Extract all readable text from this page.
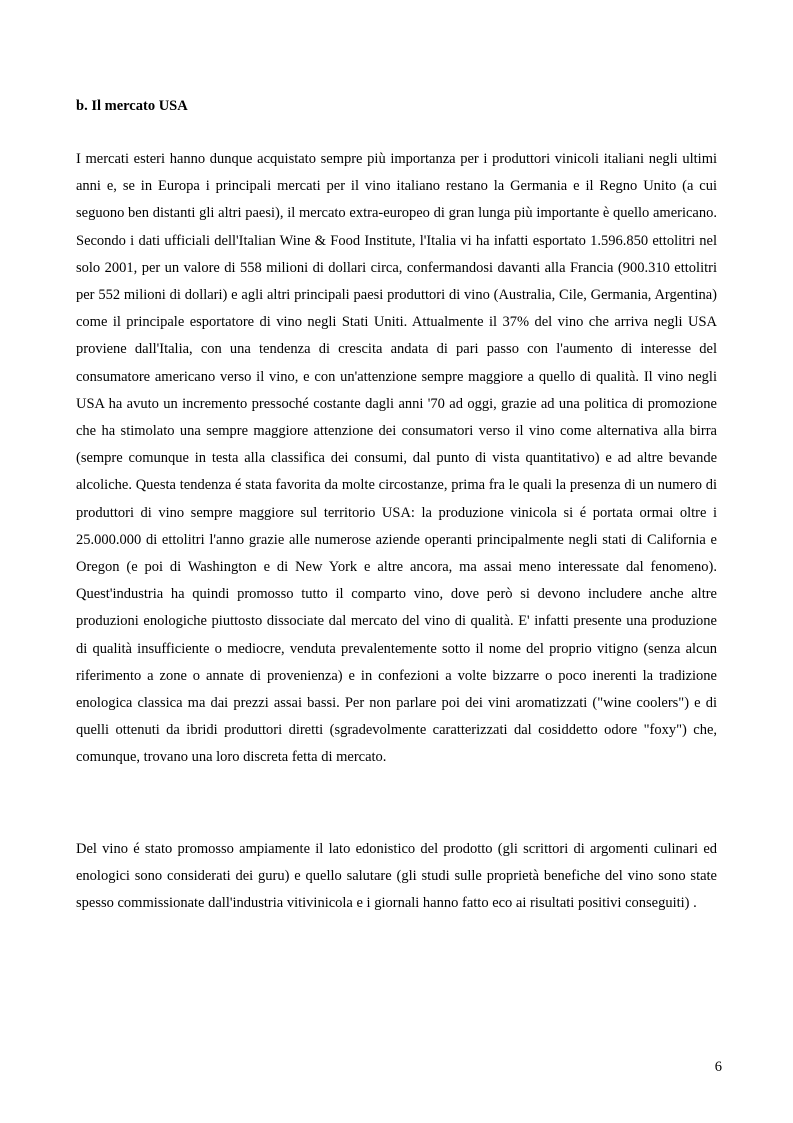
b. Il mercato USA

I mercati esteri hanno dunque acquistato sempre più importanza per i produttori vinicoli italiani negli ultimi anni e, se in Europa i principali mercati per il vino italiano restano la Germania e il Regno Unito (a cui seguono ben distanti gli altri paesi), il mercato extra-europeo di gran lunga più importante è quello americano. Secondo i dati ufficiali dell'Italian Wine & Food Institute, l'Italia vi ha infatti esportato 1.596.850 ettolitri nel solo 2001, per un valore di 558 milioni di dollari circa, confermandosi davanti alla Francia (900.310 ettolitri per 552 milioni di dollari) e agli altri principali paesi produttori di vino (Australia, Cile, Germania, Argentina) come il principale esportatore di vino negli Stati Uniti. Attualmente il 37% del vino che arriva negli USA proviene dall'Italia, con una tendenza di crescita andata di pari passo con l'aumento di interesse del consumatore americano verso il vino, e con un'attenzione sempre maggiore a quello di qualità. Il vino negli USA ha avuto un incremento pressoché costante dagli anni '70 ad oggi, grazie ad una politica di promozione che ha stimolato una sempre maggiore attenzione dei consumatori verso il vino come alternativa alla birra (sempre comunque in testa alla classifica dei consumi, dal punto di vista quantitativo) e ad altre bevande alcoliche. Questa tendenza é stata favorita da molte circostanze, prima fra le quali la presenza di un numero di produttori di vino sempre maggiore sul territorio USA: la produzione vinicola si é portata ormai oltre i 25.000.000 di ettolitri l'anno grazie alle numerose aziende operanti principalmente negli stati di California e Oregon (e poi di Washington e di New York e altre ancora, ma assai meno interessate dal fenomeno). Quest'industria ha quindi promosso tutto il comparto vino, dove però si devono includere anche altre produzioni enologiche piuttosto dissociate dal mercato del vino di qualità. E' infatti presente una produzione di qualità insufficiente o mediocre, venduta prevalentemente sotto il nome del proprio vitigno (senza alcun riferimento a zone o annate di provenienza) e in confezioni a volte bizzarre o poco inerenti la tradizione enologica classica ma dai prezzi assai bassi. Per non parlare poi dei vini aromatizzati ("wine coolers") e di quelli ottenuti da ibridi produttori diretti (sgradevolmente caratterizzati dal cosiddetto odore "foxy") che, comunque, trovano una loro discreta fetta di mercato.

Del vino é stato promosso ampiamente il lato edonistico del prodotto (gli scrittori di argomenti culinari ed enologici sono considerati dei guru) e quello salutare (gli studi sulle proprietà benefiche del vino sono state spesso commissionate dall'industria vitivinicola e i giornali hanno fatto eco ai risultati positivi conseguiti) .

6
